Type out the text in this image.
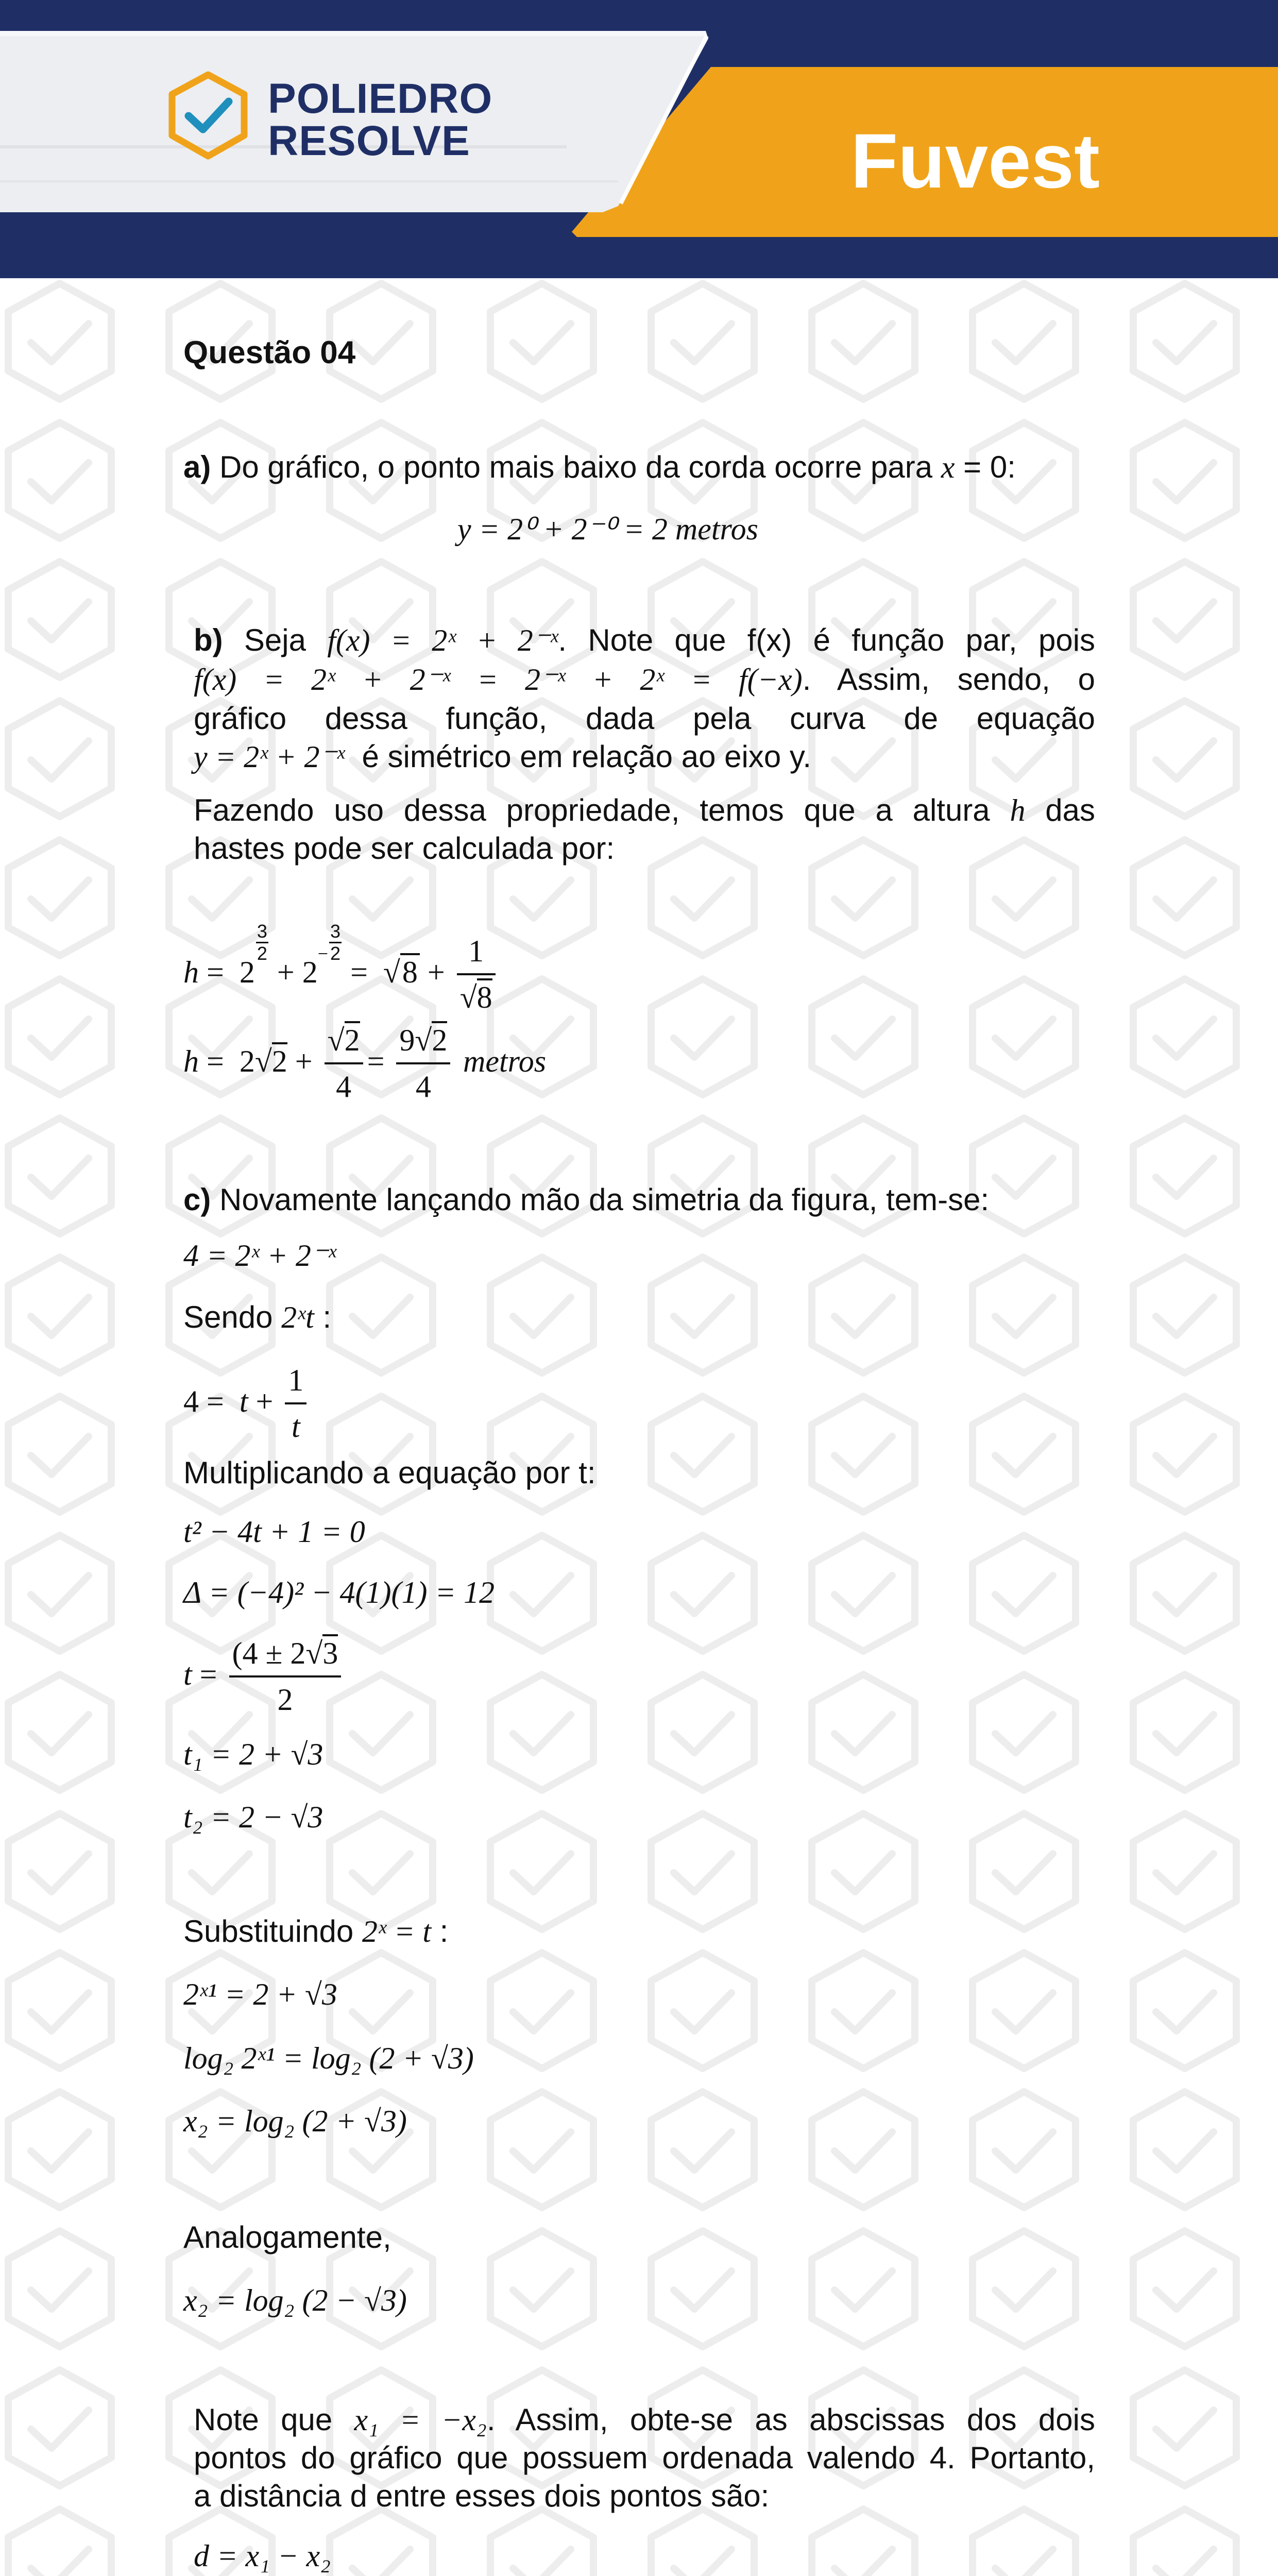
POLIEDRO
RESOLVE	Fuvest
Questão 04
a) Do gráfico, o ponto mais baixo da corda ocorre para x = 0:
y = 2⁰ + 2⁻⁰ = 2 metros
b) Seja f(x) = 2ˣ + 2⁻ˣ. Note que f(x) é função par, pois
f(x) = 2ˣ + 2⁻ˣ = 2⁻ˣ + 2ˣ = f(−x). Assim, sendo, o
gráfico dessa função, dada pela curva de equação
y = 2ˣ + 2⁻ˣ é simétrico em relação ao eixo y.
Fazendo uso dessa propriedade, temos que a altura h das
hastes pode ser calculada por:
h =  2
$\frac{3}{2}$
+ $2^- \frac{3}{2}$
=  $√8 + \frac{1}{√8}$
$h = 2√2 + \frac{√2}{4} = \frac{9√2}{4}$ metros
c) Novamente lançando mão da simetria da figura, tem-se:
4 = 2ˣ + 2⁻ˣ
Sendo 2ˣt :
$4 = t + \frac{1}{t}$
Multiplicando a equação por t:
t² − 4t + 1 = 0
Δ = (−4)² − 4(1)(1) = 12
$t = \frac{(4 \pm 2√3}{2}$
t₁ = 2 + √3
t₂ = 2 − √3
Substituindo 2ˣ = t :
2ˣ¹ = 2 + √3
log₂ 2ˣ¹ = log₂ (2 + √3)
x₂ = log₂ (2 + √3)
Analogamente,
x₂ = log₂ (2 − √3)
Note que x₁ = −x₂. Assim, obte-se as abscissas dos dois
pontos do gráfico que possuem ordenada valendo 4. Portanto,
a distância d entre esses dois pontos são:
d = x₁ − x₂
